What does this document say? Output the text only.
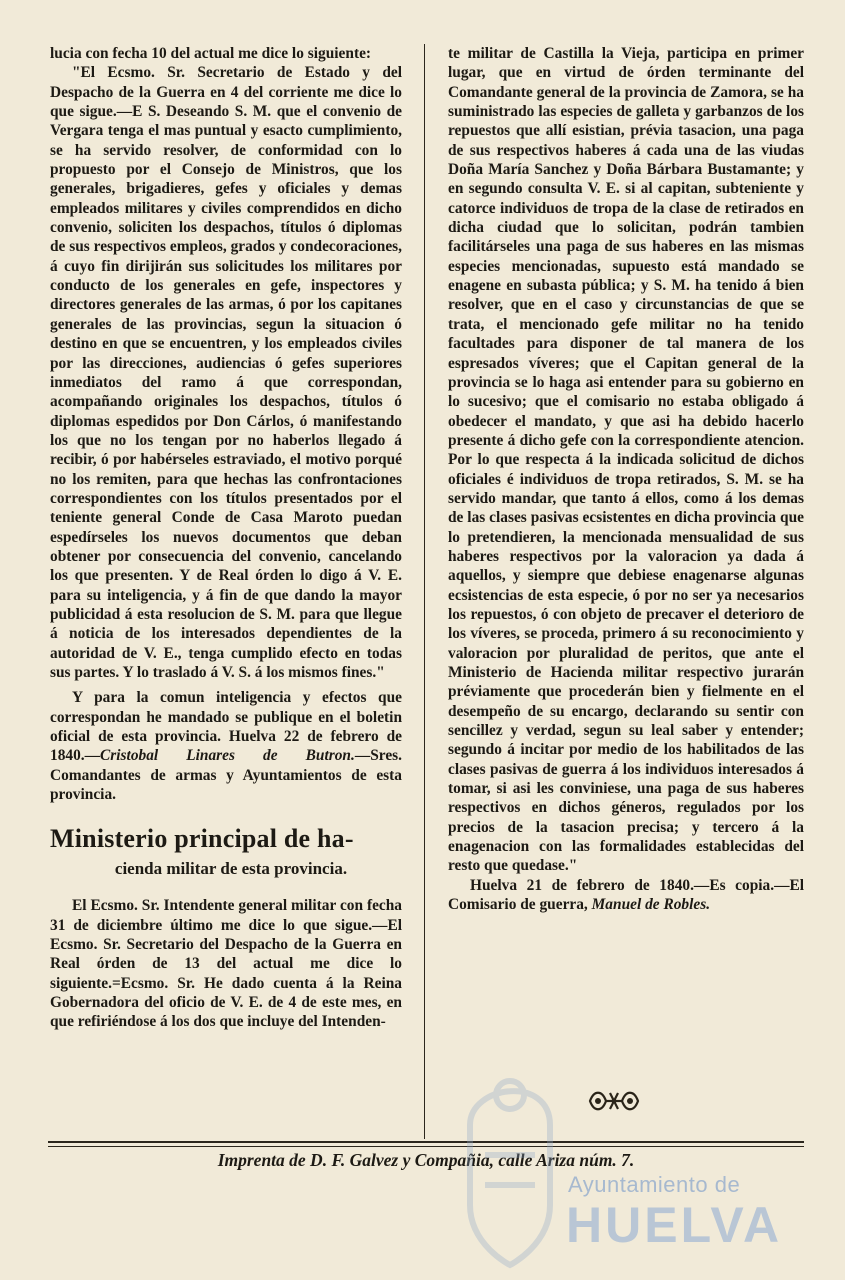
lucia con fecha 10 del actual me dice lo siguiente:

"El Ecsmo. Sr. Secretario de Estado y del Despacho de la Guerra en 4 del corriente me dice lo que sigue.—E S. Deseando S. M. que el convenio de Vergara tenga el mas puntual y esacto cumplimiento, se ha servido resolver, de conformidad con lo propuesto por el Consejo de Ministros, que los generales, brigadieres, gefes y oficiales y demas empleados militares y civiles comprendidos en dicho convenio, soliciten los despachos, títulos ó diplomas de sus respectivos empleos, grados y condecoraciones, á cuyo fin dirijirán sus solicitudes los militares por conducto de los generales en gefe, inspectores y directores generales de las armas, ó por los capitanes generales de las provincias, segun la situacion ó destino en que se encuentren, y los empleados civiles por las direcciones, audiencias ó gefes superiores inmediatos del ramo á que correspondan, acompañando originales los despachos, títulos ó diplomas espedidos por Don Cárlos, ó manifestando los que no los tengan por no haberlos llegado á recibir, ó por habérseles estraviado, el motivo porqué no los remiten, para que hechas las confrontaciones correspondientes con los títulos presentados por el teniente general Conde de Casa Maroto puedan espedírseles los nuevos documentos que deban obtener por consecuencia del convenio, cancelando los que presenten. Y de Real órden lo digo á V. E. para su inteligencia, y á fin de que dando la mayor publicidad á esta resolucion de S. M. para que llegue á noticia de los interesados dependientes de la autoridad de V. E., tenga cumplido efecto en todas sus partes. Y lo traslado á V. S. á los mismos fines."

Y para la comun inteligencia y efectos que correspondan he mandado se publique en el boletin oficial de esta provincia. Huelva 22 de febrero de 1840.—Cristobal Linares de Butron.—Sres. Comandantes de armas y Ayuntamientos de esta provincia.

Ministerio principal de ha-
cienda militar de esta provincia.

El Ecsmo. Sr. Intendente general militar con fecha 31 de diciembre último me dice lo que sigue.—El Ecsmo. Sr. Secretario del Despacho de la Guerra en Real órden de 13 del actual me dice lo siguiente.=Ecsmo. Sr. He dado cuenta á la Reina Gobernadora del oficio de V. E. de 4 de este mes, en que refiriéndose á los dos que incluye del Intenden-

te militar de Castilla la Vieja, participa en primer lugar, que en virtud de órden terminante del Comandante general de la provincia de Zamora, se ha suministrado las especies de galleta y garbanzos de los repuestos que allí esistian, prévia tasacion, una paga de sus respectivos haberes á cada una de las viudas Doña María Sanchez y Doña Bárbara Bustamante; y en segundo consulta V. E. si al capitan, subteniente y catorce individuos de tropa de la clase de retirados en dicha ciudad que lo solicitan, podrán tambien facilitárseles una paga de sus haberes en las mismas especies mencionadas, supuesto está mandado se enagene en subasta pública; y S. M. ha tenido á bien resolver, que en el caso y circunstancias de que se trata, el mencionado gefe militar no ha tenido facultades para disponer de tal manera de los espresados víveres; que el Capitan general de la provincia se lo haga asi entender para su gobierno en lo sucesivo; que el comisario no estaba obligado á obedecer el mandato, y que asi ha debido hacerlo presente á dicho gefe con la correspondiente atencion. Por lo que respecta á la indicada solicitud de dichos oficiales é individuos de tropa retirados, S. M. se ha servido mandar, que tanto á ellos, como á los demas de las clases pasivas ecsistentes en dicha provincia que lo pretendieren, la mencionada mensualidad de sus haberes respectivos por la valoracion ya dada á aquellos, y siempre que debiese enagenarse algunas ecsistencias de esta especie, ó por no ser ya necesarios los repuestos, ó con objeto de precaver el deterioro de los víveres, se proceda, primero á su reconocimiento y valoracion por pluralidad de peritos, que ante el Ministerio de Hacienda militar respectivo jurarán préviamente que procederán bien y fielmente en el desempeño de su encargo, declarando su sentir con sencillez y verdad, segun su leal saber y entender; segundo á incitar por medio de los habilitados de las clases pasivas de guerra á los individuos interesados á tomar, si asi les conviniese, una paga de sus haberes respectivos en dichos géneros, regulados por los precios de la tasacion precisa; y tercero á la enagenacion con las formalidades establecidas del resto que quedase."

Huelva 21 de febrero de 1840.—Es copia.—El Comisario de guerra, Manuel de Robles.

Imprenta de D. F. Galvez y Compañia, calle Ariza núm. 7.
Ayuntamiento de
HUELVA
